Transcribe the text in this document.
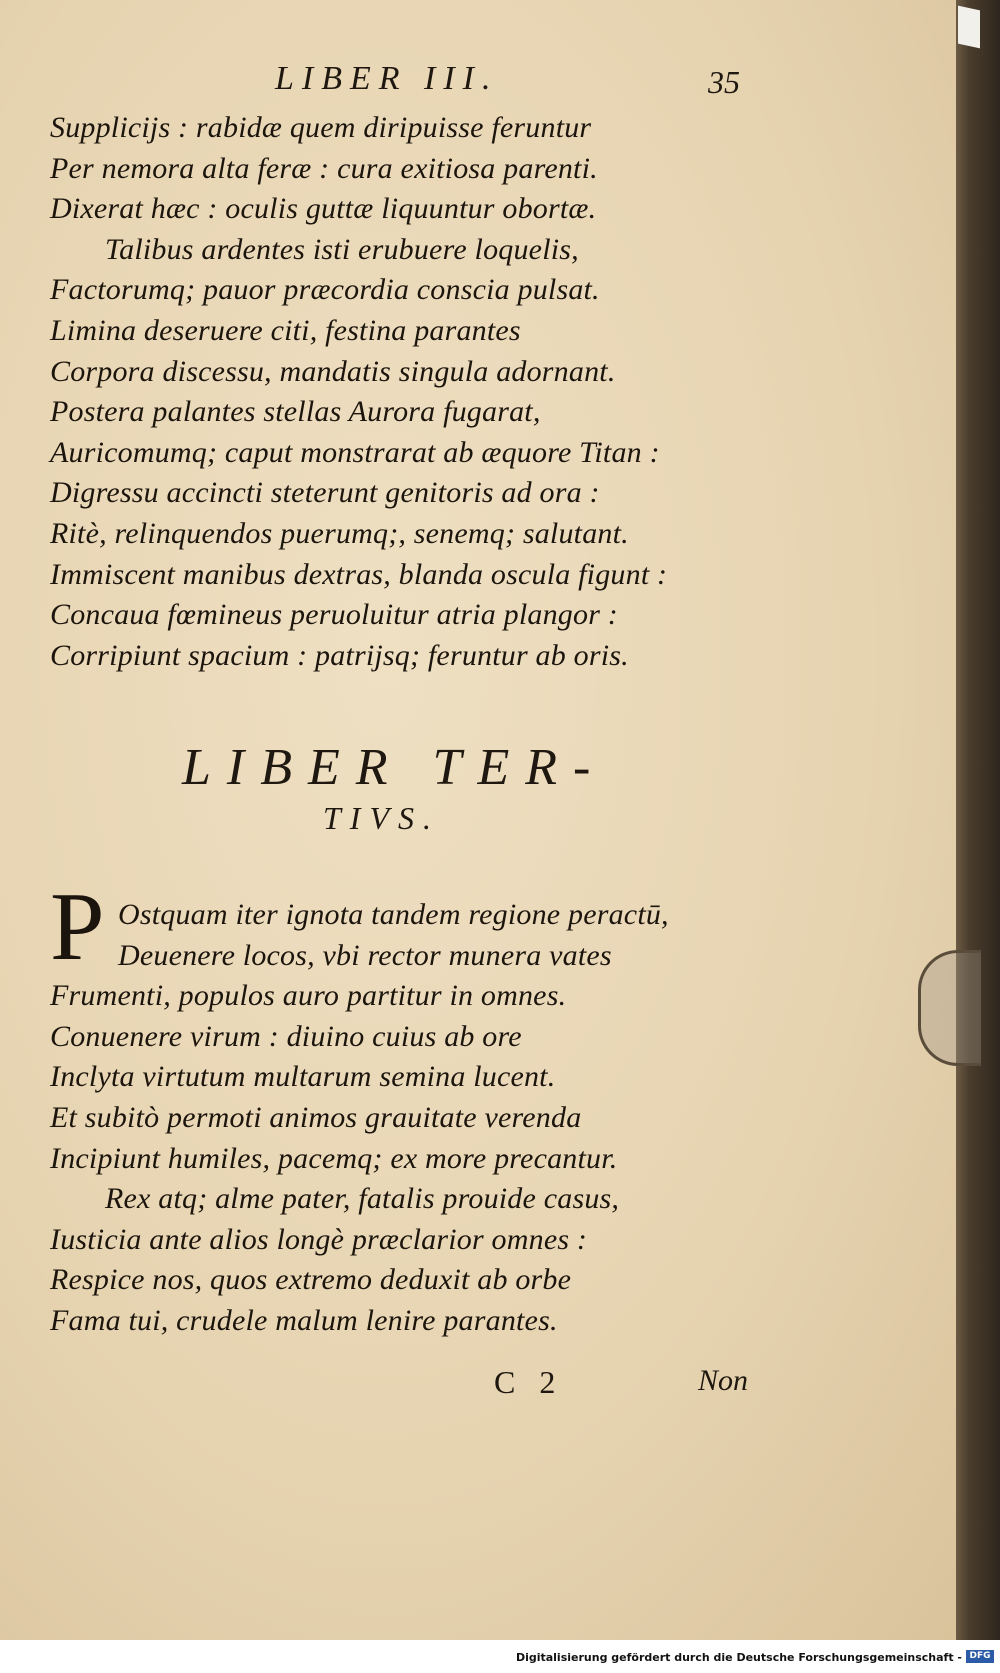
LIBER III.	35
Supplicijs : rabidæ quem diripuisse feruntur
Per nemora alta feræ : cura exitiosa parenti.
Dixerat hæc : oculis guttæ liquuntur obortæ.
Talibus ardentes isti erubuere loquelis,
Factorumq; pauor præcordia conscia pulsat.
Limina deseruere citi, festina parantes
Corpora discessu, mandatis singula adornant.
Postera palantes stellas Aurora fugarat,
Auricomumq; caput monstrarat ab æquore Titan :
Digressu accincti steterunt genitoris ad ora :
Ritè, relinquendos puerumq;, senemq; salutant.
Immiscent manibus dextras, blanda oscula figunt :
Concaua fœmineus peruoluitur atria plangor :
Corripiunt spacium : patrijsq; feruntur ab oris.
LIBER TER-
TIVS.
P Ostquam iter ignota tandem regione peractū,
Deuenere locos, vbi rector munera vates
Frumenti, populos auro partitur in omnes.
Conuenere virum : diuino cuius ab ore
Inclyta virtutum multarum semina lucent.
Et subitò permoti animos grauitate verenda
Incipiunt humiles, pacemq; ex more precantur.
Rex atq; alme pater, fatalis prouide casus,
Iusticia ante alios longè præclarior omnes :
Respice nos, quos extremo deduxit ab orbe
Fama tui, crudele malum lenire parantes.
C 2	Non
Digitalisierung gefördert durch die Deutsche Forschungsgemeinschaft - DFG
